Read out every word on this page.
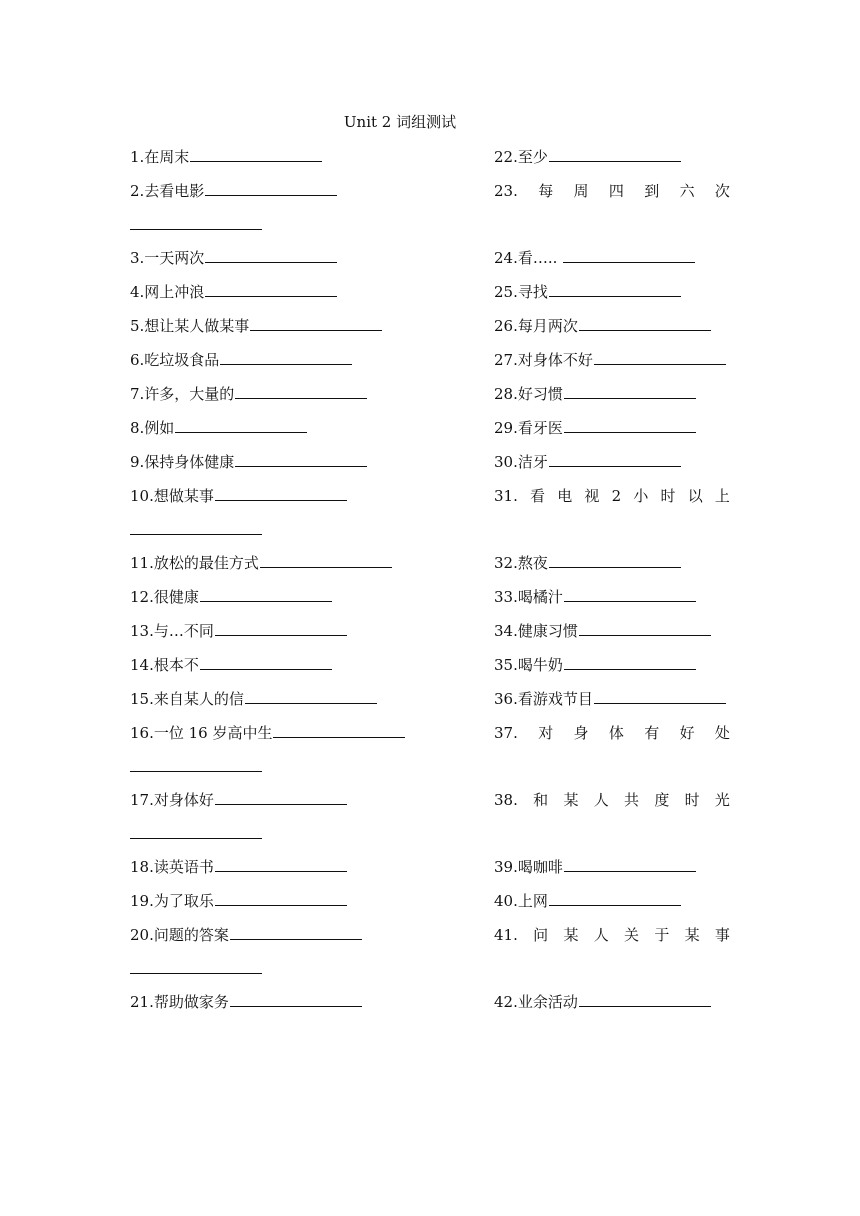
Unit 2 词组测试
1.在周末
2.去看电影
3.一天两次
4.网上冲浪
5.想让某人做某事
6.吃垃圾食品
7.许多，大量的
8.例如
9.保持身体健康
10.想做某事
11.放松的最佳方式
12.很健康
13.与…不同
14.根本不
15.来自某人的信
16.一位 16 岁高中生
17.对身体好
18.读英语书
19.为了取乐
20.问题的答案
21.帮助做家务
22.至少
24.看…..
25.寻找
26.每月两次
27.对身体不好
28.好习惯
29.看牙医
30.洁牙
32.熬夜
33.喝橘汁
34.健康习惯
35.喝牛奶
36.看游戏节目
39.喝咖啡
40.上网
42.业余活动
23. 每 周 四 到 六 次
31. 看 电 视 2 小 时 以 上
37. 对 身 体 有 好 处
38. 和 某 人 共 度 时 光
41. 问 某 人 关 于 某 事
